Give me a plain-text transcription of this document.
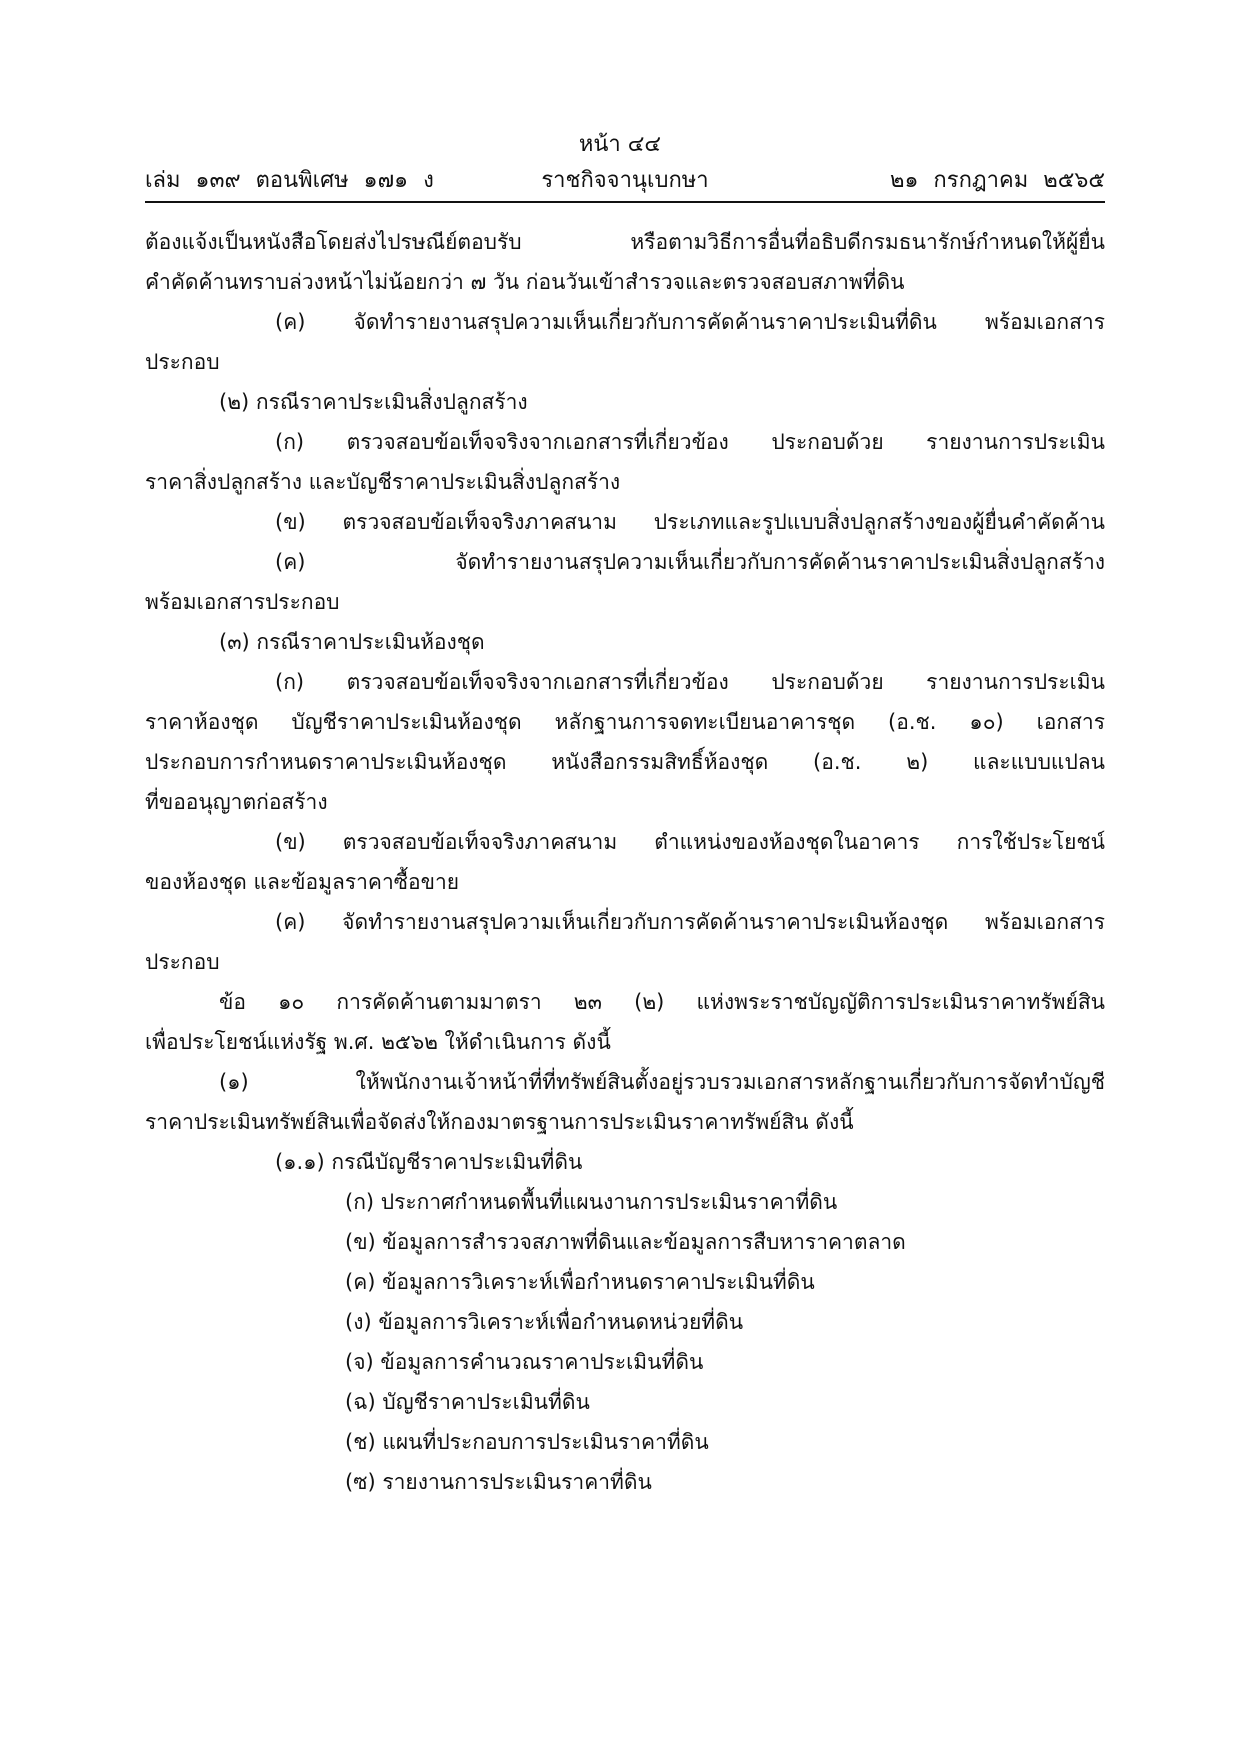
หน้า ๔๔
เล่ม ๑๓๙ ตอนพิเศษ ๑๗๑ ง	ราชกิจจานุเบกษา	๒๑ กรกฎาคม ๒๕๖๕
ต้องแจ้งเป็นหนังสือโดยส่งไปรษณีย์ตอบรับ หรือตามวิธีการอื่นที่อธิบดีกรมธนารักษ์กำหนดให้ผู้ยื่น
คำคัดค้านทราบล่วงหน้าไม่น้อยกว่า ๗ วัน ก่อนวันเข้าสำรวจและตรวจสอบสภาพที่ดิน
(ค) จัดทำรายงานสรุปความเห็นเกี่ยวกับการคัดค้านราคาประเมินที่ดิน พร้อมเอกสาร
ประกอบ
(๒) กรณีราคาประเมินสิ่งปลูกสร้าง
(ก) ตรวจสอบข้อเท็จจริงจากเอกสารที่เกี่ยวข้อง ประกอบด้วย รายงานการประเมิน
ราคาสิ่งปลูกสร้าง และบัญชีราคาประเมินสิ่งปลูกสร้าง
(ข) ตรวจสอบข้อเท็จจริงภาคสนาม ประเภทและรูปแบบสิ่งปลูกสร้างของผู้ยื่นคำคัดค้าน
(ค) จัดทำรายงานสรุปความเห็นเกี่ยวกับการคัดค้านราคาประเมินสิ่งปลูกสร้าง
พร้อมเอกสารประกอบ
(๓) กรณีราคาประเมินห้องชุด
(ก) ตรวจสอบข้อเท็จจริงจากเอกสารที่เกี่ยวข้อง ประกอบด้วย รายงานการประเมิน
ราคาห้องชุด บัญชีราคาประเมินห้องชุด หลักฐานการจดทะเบียนอาคารชุด (อ.ช. ๑๐) เอกสาร
ประกอบการกำหนดราคาประเมินห้องชุด หนังสือกรรมสิทธิ์ห้องชุด (อ.ช. ๒) และแบบแปลน
ที่ขออนุญาตก่อสร้าง
(ข) ตรวจสอบข้อเท็จจริงภาคสนาม ตำแหน่งของห้องชุดในอาคาร การใช้ประโยชน์
ของห้องชุด และข้อมูลราคาซื้อขาย
(ค) จัดทำรายงานสรุปความเห็นเกี่ยวกับการคัดค้านราคาประเมินห้องชุด พร้อมเอกสาร
ประกอบ
ข้อ ๑๐ การคัดค้านตามมาตรา ๒๓ (๒) แห่งพระราชบัญญัติการประเมินราคาทรัพย์สิน
เพื่อประโยชน์แห่งรัฐ พ.ศ. ๒๕๖๒ ให้ดำเนินการ ดังนี้
(๑) ให้พนักงานเจ้าหน้าที่ที่ทรัพย์สินตั้งอยู่รวบรวมเอกสารหลักฐานเกี่ยวกับการจัดทำบัญชี
ราคาประเมินทรัพย์สินเพื่อจัดส่งให้กองมาตรฐานการประเมินราคาทรัพย์สิน ดังนี้
(๑.๑) กรณีบัญชีราคาประเมินที่ดิน
(ก) ประกาศกำหนดพื้นที่แผนงานการประเมินราคาที่ดิน
(ข) ข้อมูลการสำรวจสภาพที่ดินและข้อมูลการสืบหาราคาตลาด
(ค) ข้อมูลการวิเคราะห์เพื่อกำหนดราคาประเมินที่ดิน
(ง) ข้อมูลการวิเคราะห์เพื่อกำหนดหน่วยที่ดิน
(จ) ข้อมูลการคำนวณราคาประเมินที่ดิน
(ฉ) บัญชีราคาประเมินที่ดิน
(ช) แผนที่ประกอบการประเมินราคาที่ดิน
(ซ) รายงานการประเมินราคาที่ดิน
